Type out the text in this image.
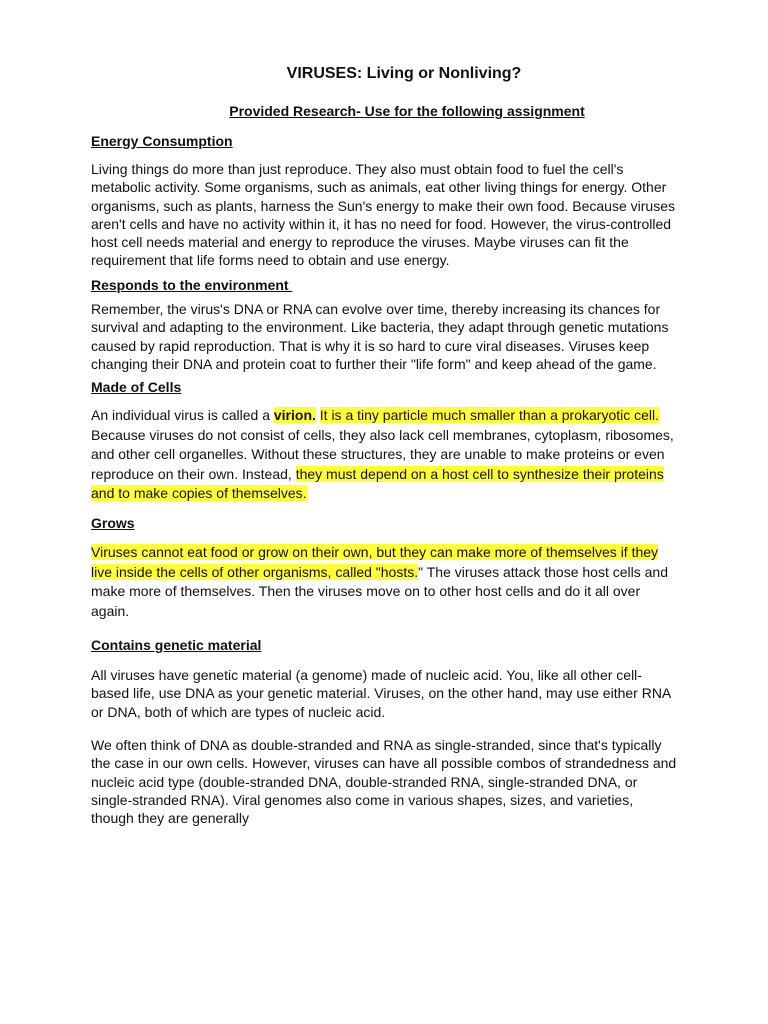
VIRUSES: Living or Nonliving?
Provided Research- Use for the following assignment
Energy Consumption
Living things do more than just reproduce. They also must obtain food to fuel the cell's
metabolic activity. Some organisms, such as animals, eat other living things for energy. Other
organisms, such as plants, harness the Sun's energy to make their own food. Because viruses
aren't cells and have no activity within it, it has no need for food. However, the virus-controlled
host cell needs material and energy to reproduce the viruses. Maybe viruses can fit the
requirement that life forms need to obtain and use energy.
Responds to the environment
Remember, the virus's DNA or RNA can evolve over time, thereby increasing its chances for
survival and adapting to the environment. Like bacteria, they adapt through genetic mutations
caused by rapid reproduction. That is why it is so hard to cure viral diseases. Viruses keep
changing their DNA and protein coat to further their "life form" and keep ahead of the game.
Made of Cells
An individual virus is called a virion. It is a tiny particle much smaller than a prokaryotic cell.
Because viruses do not consist of cells, they also lack cell membranes, cytoplasm, ribosomes,
and other cell organelles. Without these structures, they are unable to make proteins or even
reproduce on their own. Instead, they must depend on a host cell to synthesize their proteins
and to make copies of themselves.
Grows
Viruses cannot eat food or grow on their own, but they can make more of themselves if they
live inside the cells of other organisms, called "hosts." The viruses attack those host cells and
make more of themselves. Then the viruses move on to other host cells and do it all over
again.
Contains genetic material
All viruses have genetic material (a genome) made of nucleic acid. You, like all other cell-
based life, use DNA as your genetic material. Viruses, on the other hand, may use either RNA
or DNA, both of which are types of nucleic acid.
We often think of DNA as double-stranded and RNA as single-stranded, since that's typically
the case in our own cells. However, viruses can have all possible combos of strandedness and
nucleic acid type (double-stranded DNA, double-stranded RNA, single-stranded DNA, or
single-stranded RNA). Viral genomes also come in various shapes, sizes, and varieties,
though they are generally
